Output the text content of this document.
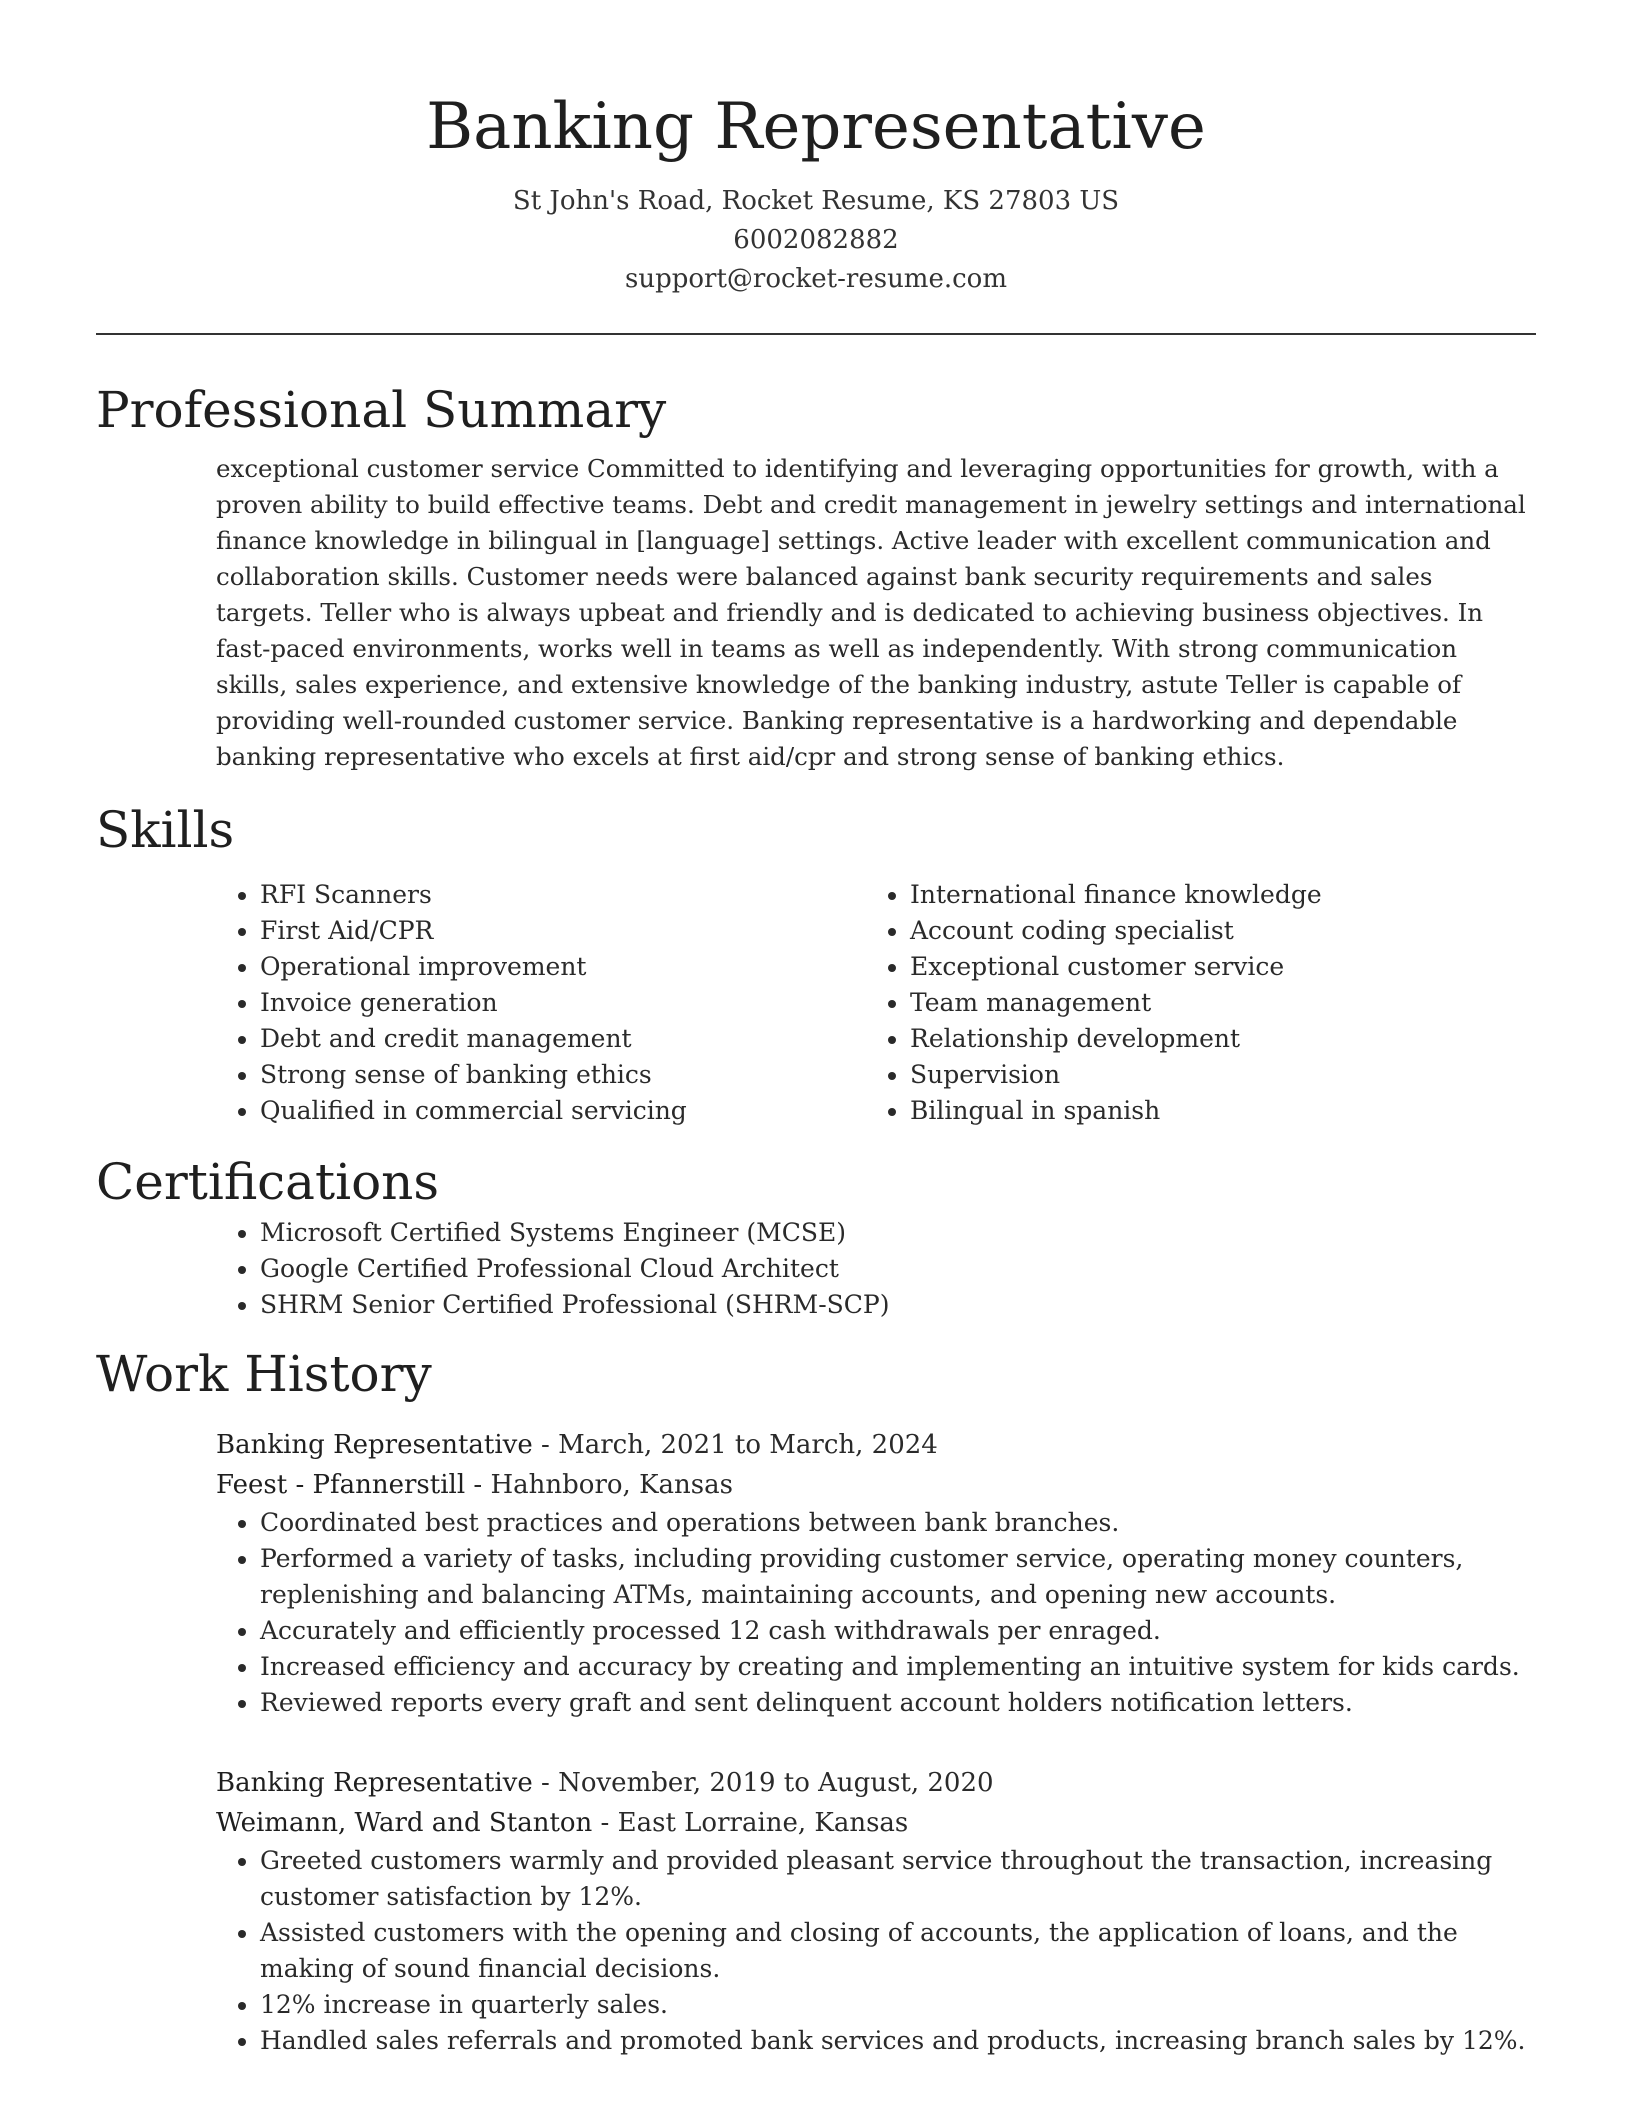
Banking Representative
St John's Road, Rocket Resume, KS 27803 US
6002082882
support@rocket-resume.com
Professional Summary

exceptional customer service Committed to identifying and leveraging opportunities for growth, with a proven ability to build effective teams. Debt and credit management in jewelry settings and international finance knowledge in bilingual in [language] settings. Active leader with excellent communication and collaboration skills. Customer needs were balanced against bank security requirements and sales targets. Teller who is always upbeat and friendly and is dedicated to achieving business objectives. In fast-paced environments, works well in teams as well as independently. With strong communication skills, sales experience, and extensive knowledge of the banking industry, astute Teller is capable of providing well-rounded customer service. Banking representative is a hardworking and dependable banking representative who excels at first aid/cpr and strong sense of banking ethics.

Skills
• RFI Scanners
• First Aid/CPR
• Operational improvement
• Invoice generation
• Debt and credit management
• Strong sense of banking ethics
• Qualified in commercial servicing
• International finance knowledge
• Account coding specialist
• Exceptional customer service
• Team management
• Relationship development
• Supervision
• Bilingual in spanish
Certifications
• Microsoft Certified Systems Engineer (MCSE)
• Google Certified Professional Cloud Architect
• SHRM Senior Certified Professional (SHRM-SCP)
Work History
Banking Representative - March, 2021 to March, 2024
Feest - Pfannerstill - Hahnboro, Kansas
• Coordinated best practices and operations between bank branches.
• Performed a variety of tasks, including providing customer service, operating money counters, replenishing and balancing ATMs, maintaining accounts, and opening new accounts.
• Accurately and efficiently processed 12 cash withdrawals per enraged.
• Increased efficiency and accuracy by creating and implementing an intuitive system for kids cards.
• Reviewed reports every graft and sent delinquent account holders notification letters.
Banking Representative - November, 2019 to August, 2020
Weimann, Ward and Stanton - East Lorraine, Kansas
• Greeted customers warmly and provided pleasant service throughout the transaction, increasing customer satisfaction by 12%.
• Assisted customers with the opening and closing of accounts, the application of loans, and the making of sound financial decisions.
• 12% increase in quarterly sales.
• Handled sales referrals and promoted bank services and products, increasing branch sales by 12%.
